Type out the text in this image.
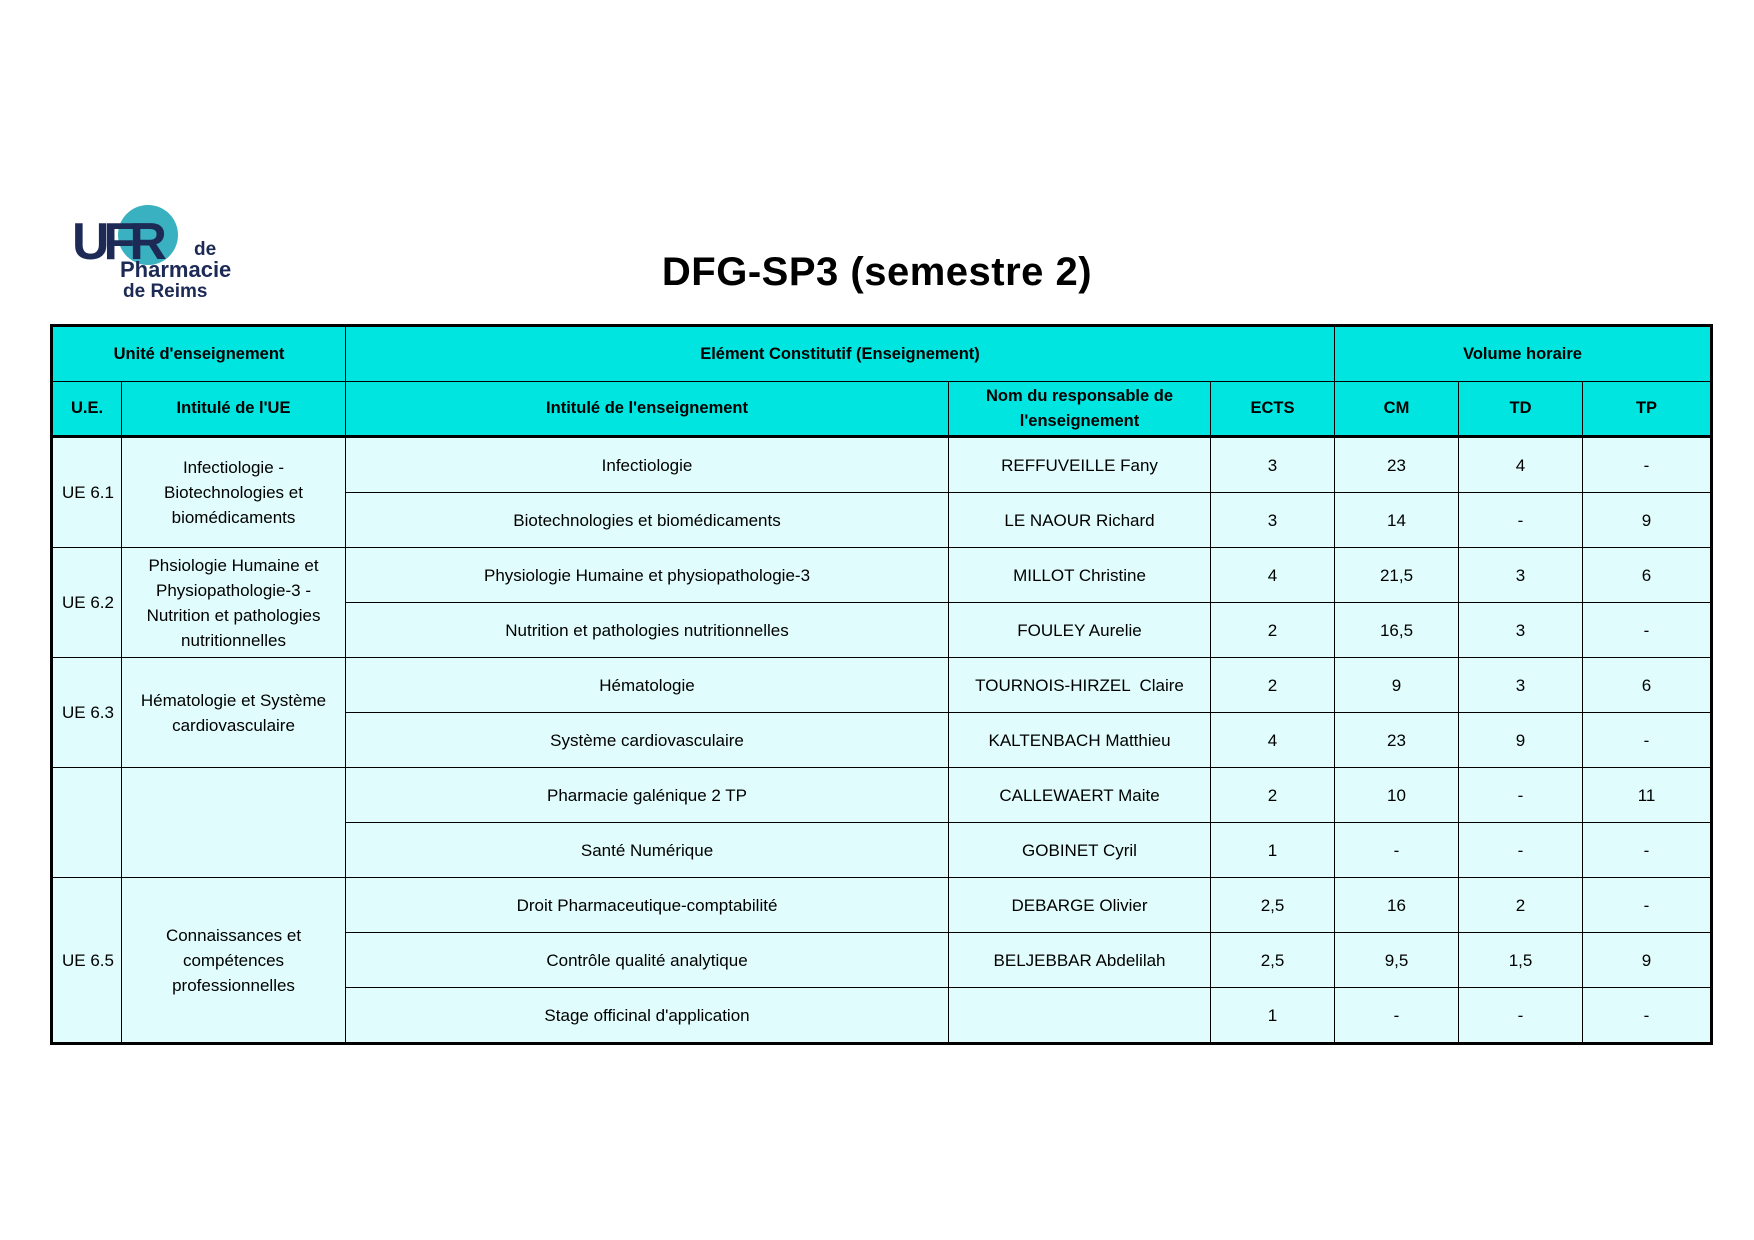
UFR de
Pharmacie
de Reims	DFG-SP3 (semestre 2)
Unité d'enseignement		Elément Constitutif (Enseignement)			Volume horaire		
U.E.	Intitulé de l'UE	Intitulé de l'enseignement	Nom du responsable de l'enseignement	ECTS	CM	TD	TP
UE 6.1	Infectiologie - Biotechnologies et biomédicaments	Infectiologie	REFFUVEILLE Fany	3	23	4	-
		Biotechnologies et biomédicaments	LE NAOUR Richard	3	14	-	9
UE 6.2	Phsiologie Humaine et Physiopathologie-3 - Nutrition et pathologies nutritionnelles	Physiologie Humaine et physiopathologie-3	MILLOT Christine	4	21,5	3	6
		Nutrition et pathologies nutritionnelles	FOULEY Aurelie	2	16,5	3	-
UE 6.3	Hématologie et Système cardiovasculaire	Hématologie	TOURNOIS-HIRZEL  Claire	2	9	3	6
		Système cardiovasculaire	KALTENBACH Matthieu	4	23	9	-
		Pharmacie galénique 2 TP	CALLEWAERT Maite	2	10	-	11
		Santé Numérique	GOBINET Cyril	1	-	-	-
UE 6.5	Connaissances et compétences professionnelles	Droit Pharmaceutique-comptabilité	DEBARGE Olivier	2,5	16	2	-
		Contrôle qualité analytique	BELJEBBAR Abdelilah	2,5	9,5	1,5	9
		Stage officinal d'application		1	-	-	-
